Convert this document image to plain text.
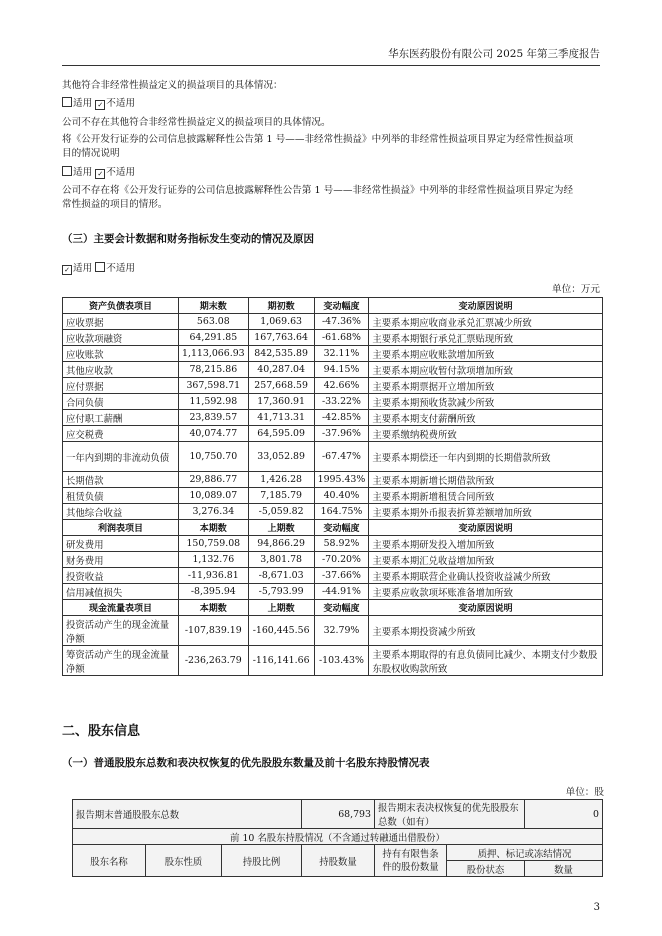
华东医药股份有限公司 2025 年第三季度报告

其他符合非经常性损益定义的损益项目的具体情况：

适用 ✓ 不适用

公司不存在其他符合非经常性损益定义的损益项目的具体情况。

将《公开发行证券的公司信息披露解释性公告第 1 号——非经常性损益》中列举的非经常性损益项目界定为经常性损益项

目的情况说明

适用 ✓ 不适用

公司不存在将《公开发行证券的公司信息披露解释性公告第 1 号——非经常性损益》中列举的非经常性损益项目界定为经

常性损益的项目的情形。

（三）主要会计数据和财务指标发生变动的情况及原因

✓ 适用 不适用

单位：万元
资产负债表项目	期末数	期初数	变动幅度	变动原因说明
应收票据	563.08	1,069.63	-47.36%	主要系本期应收商业承兑汇票减少所致
应收款项融资	64,291.85	167,763.64	-61.68%	主要系本期银行承兑汇票贴现所致
应收账款	1,113,066.93	842,535.89	32.11%	主要系本期应收账款增加所致
其他应收款	78,215.86	40,287.04	94.15%	主要系本期应收暂付款项增加所致
应付票据	367,598.71	257,668.59	42.66%	主要系本期票据开立增加所致
合同负债	11,592.98	17,360.91	-33.22%	主要系本期预收货款减少所致
应付职工薪酬	23,839.57	41,713.31	-42.85%	主要系本期支付薪酬所致
应交税费	40,074.77	64,595.09	-37.96%	主要系缴纳税费所致
一年内到期的非流动负债	10,750.70	33,052.89	-67.47%	主要系本期偿还一年内到期的长期借款所致
长期借款	29,886.77	1,426.28	1995.43%	主要系本期新增长期借款所致
租赁负债	10,089.07	7,185.79	40.40%	主要系本期新增租赁合同所致
其他综合收益	3,276.34	-5,059.82	164.75%	主要系本期外币报表折算差额增加所致
利润表项目	本期数	上期数	变动幅度	变动原因说明
研发费用	150,759.08	94,866.29	58.92%	主要系本期研发投入增加所致
财务费用	1,132.76	3,801.78	-70.20%	主要系本期汇兑收益增加所致
投资收益	-11,936.81	-8,671.03	-37.66%	主要系本期联营企业确认投资收益减少所致
信用减值损失	-8,395.94	-5,793.99	-44.91%	主要系应收款项坏账准备增加所致
现金流量表项目	本期数	上期数	变动幅度	变动原因说明
投资活动产生的现金流量净额	-107,839.19	-160,445.56	32.79%	主要系本期投资减少所致
筹资活动产生的现金流量净额	-236,263.79	-116,141.66	-103.43%	主要系本期取得的有息负债同比减少、本期支付少数股东股权收购款所致
二、股东信息
（一）普通股股东总数和表决权恢复的优先股股东数量及前十名股东持股情况表
单位：股
报告期末普通股股东总数			68,793	报告期末表决权恢复的优先股股东总数（如有）		0
前 10 名股东持股情况（不含通过转融通出借股份）						
股东名称	股东性质	持股比例	持股数量	持有有限售条件的股份数量	质押、标记或冻结情况	
					股份状态	数量
3
